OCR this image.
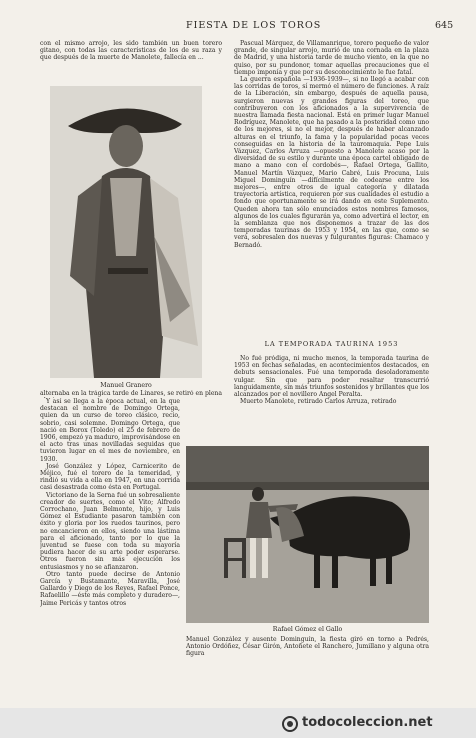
FIESTA DE LOS TOROS	645

con el mismo arrojo, les sido también un buen torero gitano, con todas las características de los de su raza y que después de la muerte de Manolete, fallecía en ...

Manuel Granero

Pascual Márquez, de Villamanrique, torero pequeño de valor grande, de singular arrojo, murió de una cornada en la plaza de Madrid, y una historia tarde de mucho viento, en la que no quiso, por su pundonor, tomar aquellas precauciones que el tiempo imponía y que por su desconocimiento le fue fatal.

La guerra española —1936-1939—, si no llegó a acabar con las corridas de toros, sí mermó el número de funciones. A raíz de la Liberación, sin embargo, después de aquella pausa, surgieron nuevas y grandes figuras del toreo, que contribuyeron con los aficionados a la supervivencia de nuestra llamada fiesta nacional. Está en primer lugar Manuel Rodríguez, Manolete, que ha pasado a la posteridad como uno de los mejores, si no el mejor, después de haber alcanzado alturas en el triunfo, la fama y la popularidad pocas veces conseguidas en la historia de la tauromaquia. Pepe Luis Vázquez, Carlos Arruza —opuesto a Manolete acaso por la diversidad de su estilo y durante una época cartel obligado de mano a mano con el cordobés—, Rafael Ortega, Gallito, Manuel Martín Vázquez, Mario Cabré, Luis Procuna, Luis Miguel Dominguín —difícilmente de codearse entre los mejores—, entre otros de igual categoría y dilatada trayectoria artística, requieren por sus cualidades el estudio a fondo que oportunamente se irá dando en este Suplemento. Queden ahora tan sólo enunciados estos nombres famosos, algunos de los cuales figurarán ya, como advertirá el lector, en la semblanza que nos disponemos a trazar de las dos temporadas taurinas de 1953 y 1954, en las que, como se verá, sobresalen dos nuevas y fulgurantes figuras: Chamaco y Bernadó.

LA TEMPORADA TAURINA 1953

No fué pródiga, ni mucho menos, la temporada taurina de 1953 en fechas señaladas, en acontecimientos destacados, en debuts sensacionales. Fué una temporada desoladoramente vulgar. Sin que para poder resaltar transcurrió languidamente, sin más triunfos sostenidos y brillantes que los alcanzados por el novillero Angel Peralta.

Muerto Manolete, retirado Carlos Arruza, retirado

alternaba en la trágica tarde de Linares, se retiró en plena

Y así se llega a la época actual, en la que destacan el nombre de Domingo Ortega, quien da un curso de toreo clásico, recio, sobrio, casi solemne. Domingo Ortega, que nació en Borox (Toledo) el 25 de febrero de 1906, empezó ya maduro, improvisándose en el acto tras unas novilladas seguidas que tuvieron lugar en el mes de noviembre, en 1930.

José González y López, Carnicerito de Méjico, fué el torero de la temeridad, y rindió su vida a ella en 1947, en una corrida casi desastrada como ésta en Portugal.

Victoriano de la Serna fué un sobresaliente creador de suertes, como el Vito; Alfredo Corrochano, Juan Belmonte, hijo, y Luis Gómez el Estudiante pasaron también con éxito y gloria por los ruedos taurinos, pero no encancieron en ellos, siendo una lástima para el aficionado, tanto por lo que la juventud se fuese con toda su mayoría pudiera hacer de su arte poder esperarse. Otros fueron sin más ejecución los entusiasmos y no se afianzaron.

Otro tanto puede decirse de Antonio García y Bustamante, Maravilla, José Gallardo y Diego de los Reyes, Rafael Ponce, Rafaelillo —éste más completo y duradero—, Jaime Pericás y tantos otros

Rafael Gómez el Gallo

Manuel González y ausente Dominguín, la fiesta giró en torno a Pedrés, Antonio Ordóñez, César Girón, Antoñete el Ranchero, Jumillano y alguna otra figura

todocoleccion.net
